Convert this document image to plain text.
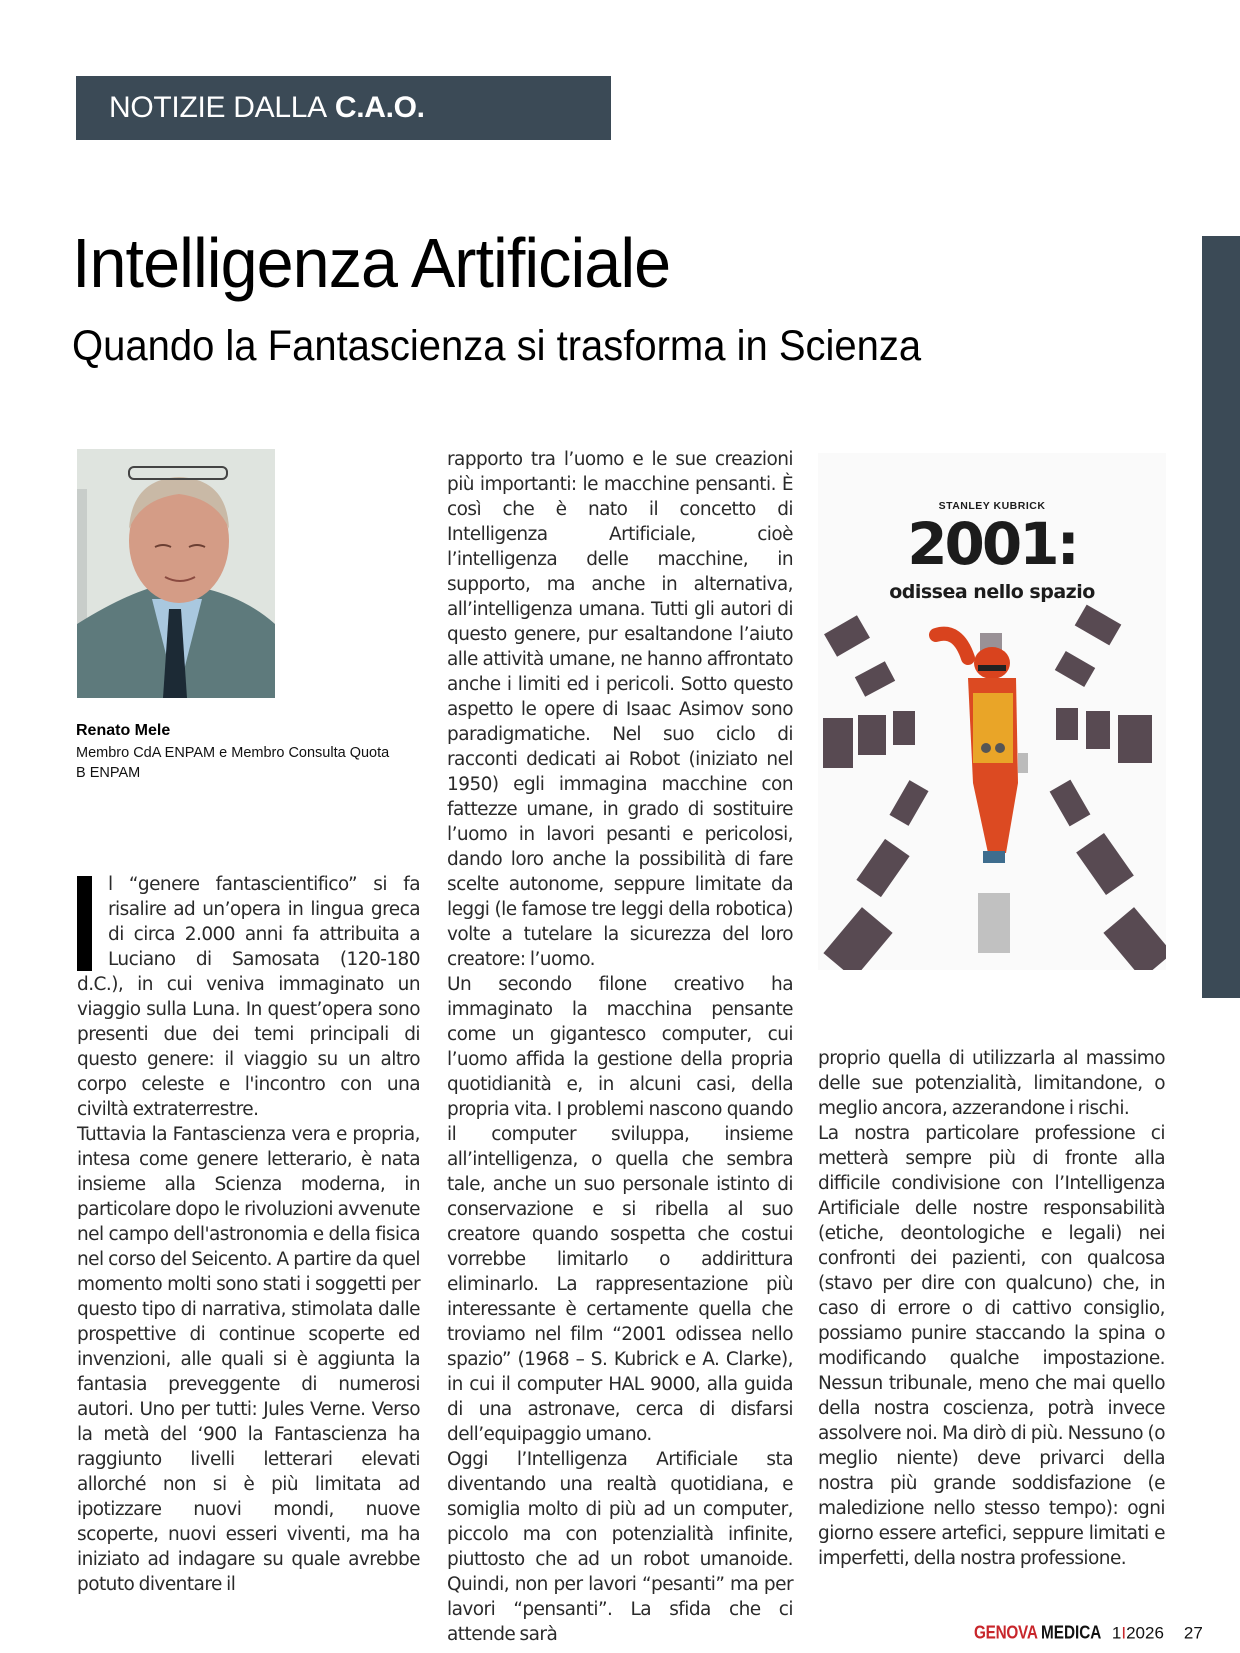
NOTIZIE DALLA C.A.O.
Intelligenza Artificiale
Quando la Fantascienza si trasforma in Scienza
Renato Mele
Membro CdA ENPAM e Membro Consulta Quota B ENPAM

l “genere fantascientifico” si fa risalire ad un’opera in lingua greca di circa 2.000 anni fa attribuita a Luciano di Samosata (120-180 d.C.), in cui veniva immaginato un viaggio sulla Luna. In quest’opera sono presenti due dei temi principali di questo genere: il viaggio su un altro corpo celeste e l'incontro con una civiltà extraterrestre.

Tuttavia la Fantascienza vera e propria, intesa come genere letterario, è nata insieme alla Scienza moderna, in particolare dopo le rivoluzioni avvenute nel campo dell'astronomia e della fisica nel corso del Seicento. A partire da quel momento molti sono stati i soggetti per questo tipo di narrativa, stimolata dalle prospettive di continue scoperte ed invenzioni, alle quali si è aggiunta la fantasia preveggente di numerosi autori. Uno per tutti: Jules Verne. Verso la metà del ‘900 la Fantascienza ha raggiunto livelli letterari elevati allorché non si è più limitata ad ipotizzare nuovi mondi, nuove scoperte, nuovi esseri viventi, ma ha iniziato ad indagare su quale avrebbe potuto diventare il

rapporto tra l’uomo e le sue creazioni più importanti: le macchine pensanti. È così che è nato il concetto di Intelligenza Artificiale, cioè l’intelligenza delle macchine, in supporto, ma anche in alternativa, all’intelligenza umana. Tutti gli autori di questo genere, pur esaltandone l’aiuto alle attività umane, ne hanno affrontato anche i limiti ed i pericoli. Sotto questo aspetto le opere di Isaac Asimov sono paradigmatiche. Nel suo ciclo di racconti dedicati ai Robot (iniziato nel 1950) egli immagina macchine con fattezze umane, in grado di sostituire l’uomo in lavori pesanti e pericolosi, dando loro anche la possibilità di fare scelte autonome, seppure limitate da leggi (le famose tre leggi della robotica) volte a tutelare la sicurezza del loro creatore: l’uomo.

Un secondo filone creativo ha immaginato la macchina pensante come un gigantesco computer, cui l’uomo affida la gestione della propria quotidianità e, in alcuni casi, della propria vita. I problemi nascono quando il computer sviluppa, insieme all’intelligenza, o quella che sembra tale, anche un suo personale istinto di conservazione e si ribella al suo creatore quando sospetta che costui vorrebbe limitarlo o addirittura eliminarlo. La rappresentazione più interessante è certamente quella che troviamo nel film “2001 odissea nello spazio” (1968 – S. Kubrick e A. Clarke), in cui il computer HAL 9000, alla guida di una astronave, cerca di disfarsi dell’equipaggio umano.

Oggi l’Intelligenza Artificiale sta diventando una realtà quotidiana, e somiglia molto di più ad un computer, piccolo ma con potenzialità infinite, piuttosto che ad un robot umanoide. Quindi, non per lavori “pesanti” ma per lavori “pensanti”. La sfida che ci attende sarà

STANLEY KUBRICK
2001:
odissea nello spazio

proprio quella di utilizzarla al massimo delle sue potenzialità, limitandone, o meglio ancora, azzerandone i rischi.

La nostra particolare professione ci metterà sempre più di fronte alla difficile condivisione con l’Intelligenza Artificiale delle nostre responsabilità (etiche, deontologiche e legali) nei confronti dei pazienti, con qualcosa (stavo per dire con qualcuno) che, in caso di errore o di cattivo consiglio, possiamo punire staccando la spina o modificando qualche impostazione. Nessun tribunale, meno che mai quello della nostra coscienza, potrà invece assolvere noi. Ma dirò di più. Nessuno (o meglio niente) deve privarci della nostra più grande soddisfazione (e maledizione nello stesso tempo): ogni giorno essere artefici, seppure limitati e imperfetti, della nostra professione.

GENOVA MEDICA 1I2026 27
